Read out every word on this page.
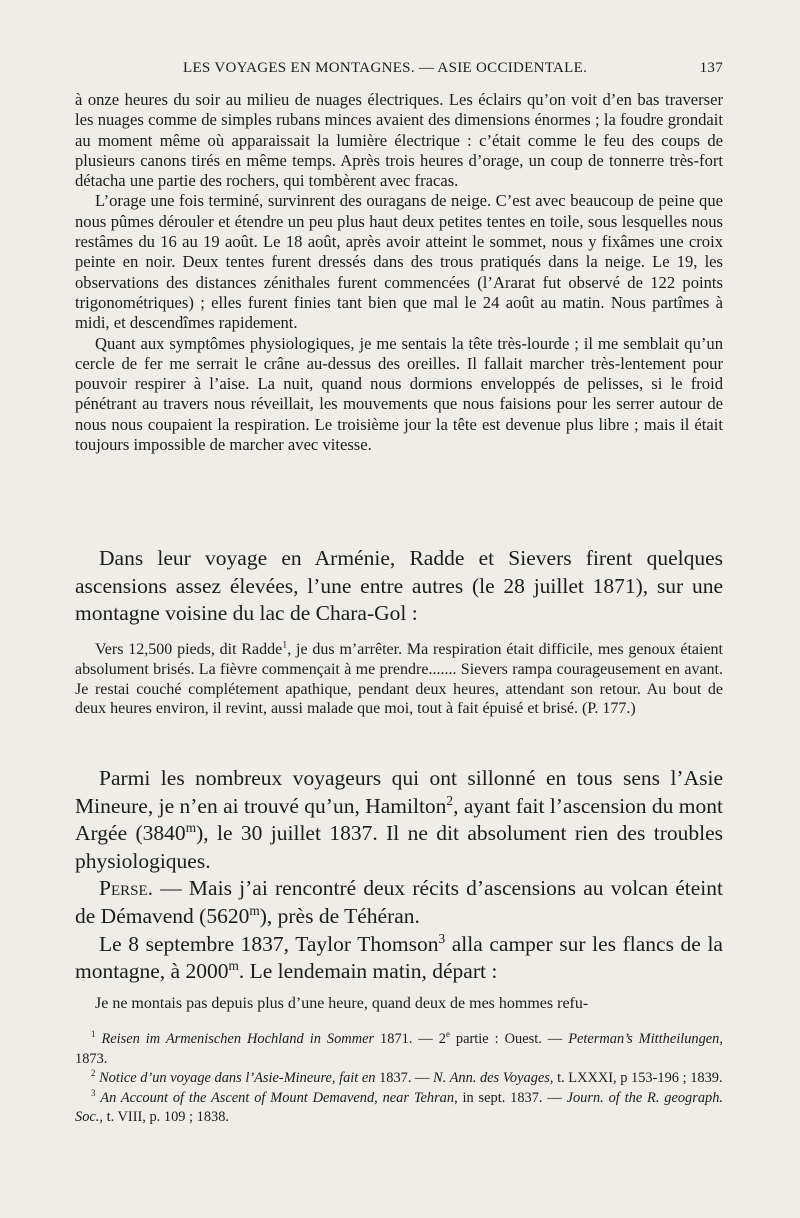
LES VOYAGES EN MONTAGNES. — ASIE OCCIDENTALE.	137

à onze heures du soir au milieu de nuages électriques. Les éclairs qu’on voit d’en bas traverser les nuages comme de simples rubans minces avaient des dimensions énormes ; la foudre grondait au moment même où apparaissait la lumière électrique : c’était comme le feu des coups de plusieurs canons tirés en même temps. Après trois heures d’orage, un coup de tonnerre très-fort détacha une partie des rochers, qui tombèrent avec fracas.

L’orage une fois terminé, survinrent des ouragans de neige. C’est avec beaucoup de peine que nous pûmes dérouler et étendre un peu plus haut deux petites tentes en toile, sous lesquelles nous restâmes du 16 au 19 août. Le 18 août, après avoir atteint le sommet, nous y fixâmes une croix peinte en noir. Deux tentes furent dressés dans des trous pratiqués dans la neige. Le 19, les observations des distances zénithales furent commencées (l’Ararat fut observé de 122 points trigonométriques) ; elles furent finies tant bien que mal le 24 août au matin. Nous partîmes à midi, et descendîmes rapidement.

Quant aux symptômes physiologiques, je me sentais la tête très-lourde ; il me semblait qu’un cercle de fer me serrait le crâne au-dessus des oreilles. Il fallait marcher très-lentement pour pouvoir respirer à l’aise. La nuit, quand nous dormions enveloppés de pelisses, si le froid pénétrant au travers nous réveillait, les mouvements que nous faisions pour les serrer autour de nous nous coupaient la respiration. Le troisième jour la tête est devenue plus libre ; mais il était toujours impossible de marcher avec vitesse.

Dans leur voyage en Arménie, Radde et Sievers firent quelques ascensions assez élevées, l’une entre autres (le 28 juillet 1871), sur une montagne voisine du lac de Chara-Gol :

Vers 12,500 pieds, dit Radde$^1$, je dus m’arrêter. Ma respiration était difficile, mes genoux étaient absolument brisés. La fièvre commençait à me prendre....... Sievers rampa courageusement en avant. Je restai couché complétement apathique, pendant deux heures, attendant son retour. Au bout de deux heures environ, il revint, aussi malade que moi, tout à fait épuisé et brisé. (P. 177.)

Parmi les nombreux voyageurs qui ont sillonné en tous sens l’Asie Mineure, je n’en ai trouvé qu’un, Hamilton$^2$, ayant fait l’ascension du mont Argée (3840$^m$), le 30 juillet 1837. Il ne dit absolument rien des troubles physiologiques.

Perse. — Mais j’ai rencontré deux récits d’ascensions au volcan éteint de Démavend (5620$^m$), près de Téhéran.

Le 8 septembre 1837, Taylor Thomson$^3$ alla camper sur les flancs de la montagne, à 2000$^m$. Le lendemain matin, départ :

Je ne montais pas depuis plus d’une heure, quand deux de mes hommes refu-

$^1$ Reisen im Armenischen Hochland in Sommer 1871. — 2e partie : Ouest. — Peterman’s Mittheilungen, 1873.

$^2$ Notice d’un voyage dans l’Asie-Mineure, fait en 1837. — N. Ann. des Voyages, t. LXXXI, p 153-196 ; 1839.

$^3$ An Account of the Ascent of Mount Demavend, near Tehran, in sept. 1837. — Journ. of the R. geograph. Soc., t. VIII, p. 109 ; 1838.
